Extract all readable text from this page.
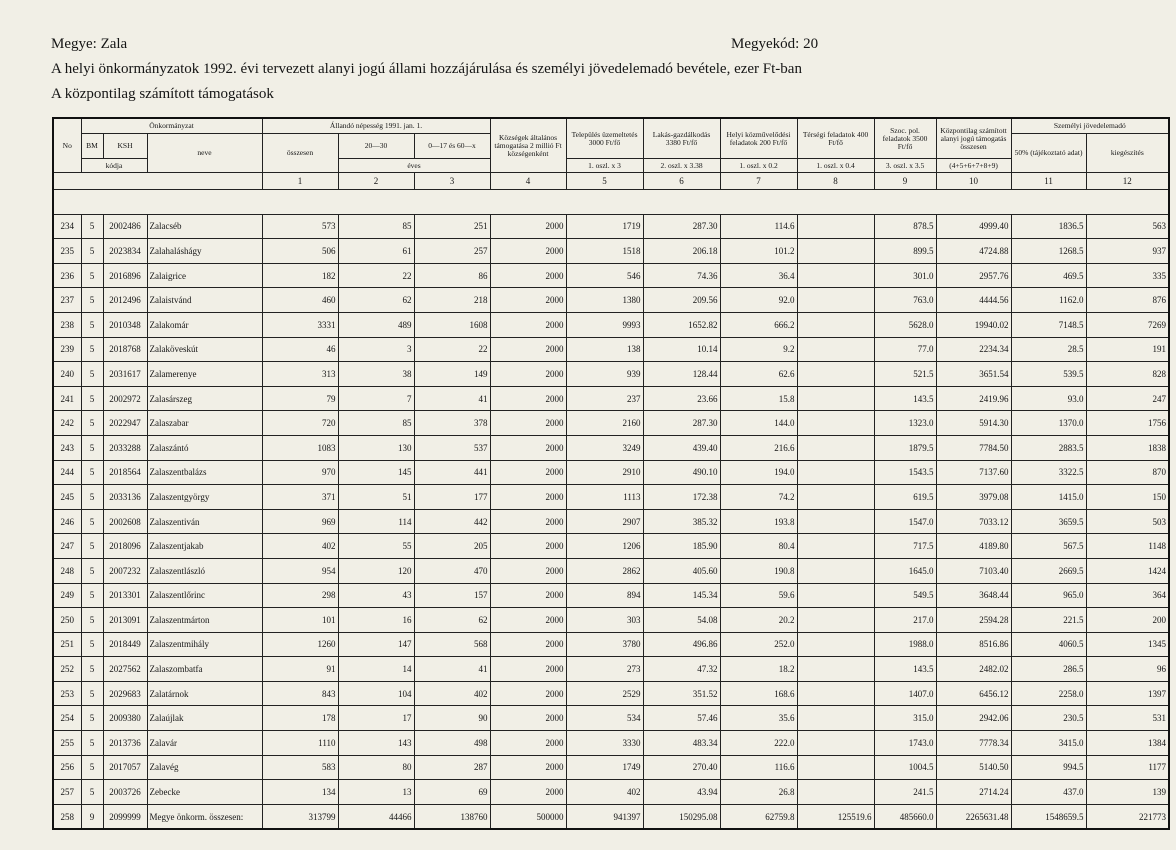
Megye: Zala	Megyekód: 20
A helyi önkormányzatok 1992. évi tervezett alanyi jogú állami hozzájárulása és személyi jövedelemadó bevétele, ezer Ft-ban
A központilag számított támogatások
No	Önkormányzat			Állandó népesség 1991. jan. 1.			Községek általános támogatása 2 millió Ft községenként	Település üzemeltetés 3000 Ft/fő	Lakás-gazdálkodás 3380 Ft/fő	Helyi közművelődési feladatok 200 Ft/fő	Térségi feladatok 400 Ft/fő	Szoc. pol. feladatok 3500 Ft/fő	Központilag számított alanyi jogú támogatás összesen	Személyi jövedelemadó	
	BM	KSH	neve	összesen	20—30	0—17 és 60—x								50% (tájékoztató adat)	kiegészítés
	kódja				éves			1. oszl. x 3	2. oszl. x 3.38	1. oszl. x 0.2	1. oszl. x 0.4	3. oszl. x 3.5	(4+5+6+7+8+9)		
				1	2	3	4	5	6	7	8	9	10	11	12

234	5	2002486	Zalacséb	573	85	251	2000	1719	287.30	114.6		878.5	4999.40	1836.5	563
235	5	2023834	Zalahaláshágy	506	61	257	2000	1518	206.18	101.2		899.5	4724.88	1268.5	937
236	5	2016896	Zalaigrice	182	22	86	2000	546	74.36	36.4		301.0	2957.76	469.5	335
237	5	2012496	Zalaistvánd	460	62	218	2000	1380	209.56	92.0		763.0	4444.56	1162.0	876
238	5	2010348	Zalakomár	3331	489	1608	2000	9993	1652.82	666.2		5628.0	19940.02	7148.5	7269
239	5	2018768	Zalaköveskút	46	3	22	2000	138	10.14	9.2		77.0	2234.34	28.5	191
240	5	2031617	Zalamerenye	313	38	149	2000	939	128.44	62.6		521.5	3651.54	539.5	828
241	5	2002972	Zalasárszeg	79	7	41	2000	237	23.66	15.8		143.5	2419.96	93.0	247
242	5	2022947	Zalaszabar	720	85	378	2000	2160	287.30	144.0		1323.0	5914.30	1370.0	1756
243	5	2033288	Zalaszántó	1083	130	537	2000	3249	439.40	216.6		1879.5	7784.50	2883.5	1838
244	5	2018564	Zalaszentbalázs	970	145	441	2000	2910	490.10	194.0		1543.5	7137.60	3322.5	870
245	5	2033136	Zalaszentgyörgy	371	51	177	2000	1113	172.38	74.2		619.5	3979.08	1415.0	150
246	5	2002608	Zalaszentiván	969	114	442	2000	2907	385.32	193.8		1547.0	7033.12	3659.5	503
247	5	2018096	Zalaszentjakab	402	55	205	2000	1206	185.90	80.4		717.5	4189.80	567.5	1148
248	5	2007232	Zalaszentlászló	954	120	470	2000	2862	405.60	190.8		1645.0	7103.40	2669.5	1424
249	5	2013301	Zalaszentlőrinc	298	43	157	2000	894	145.34	59.6		549.5	3648.44	965.0	364
250	5	2013091	Zalaszentmárton	101	16	62	2000	303	54.08	20.2		217.0	2594.28	221.5	200
251	5	2018449	Zalaszentmihály	1260	147	568	2000	3780	496.86	252.0		1988.0	8516.86	4060.5	1345
252	5	2027562	Zalaszombatfa	91	14	41	2000	273	47.32	18.2		143.5	2482.02	286.5	96
253	5	2029683	Zalatárnok	843	104	402	2000	2529	351.52	168.6		1407.0	6456.12	2258.0	1397
254	5	2009380	Zalaújlak	178	17	90	2000	534	57.46	35.6		315.0	2942.06	230.5	531
255	5	2013736	Zalavár	1110	143	498	2000	3330	483.34	222.0		1743.0	7778.34	3415.0	1384
256	5	2017057	Zalavég	583	80	287	2000	1749	270.40	116.6		1004.5	5140.50	994.5	1177
257	5	2003726	Zebecke	134	13	69	2000	402	43.94	26.8		241.5	2714.24	437.0	139
258	9	2099999	Megye önkorm. összesen:	313799	44466	138760	500000	941397	150295.08	62759.8	125519.6	485660.0	2265631.48	1548659.5	221773
